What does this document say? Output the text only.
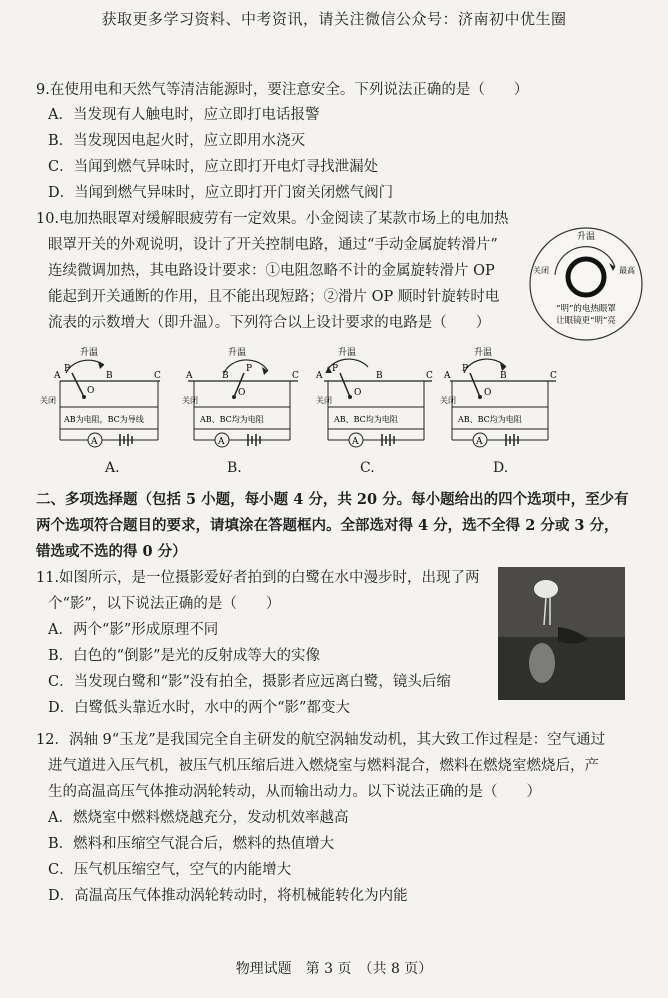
获取更多学习资料、中考资讯，请关注微信公众号：济南初中优生圈
9.在使用电和天然气等清洁能源时，要注意安全。下列说法正确的是（　　）
A．当发现有人触电时，应立即打电话报警
B．当发现因电起火时，应立即用水浇灭
C．当闻到燃气异味时，应立即打开电灯寻找泄漏处
D．当闻到燃气异味时，应立即打开门窗关闭燃气阀门
10.电加热眼罩对缓解眼疲劳有一定效果。小金阅读了某款市场上的电加热
眼罩开关的外观说明，设计了开关控制电路，通过“手动金属旋转滑片”
连续微调加热，其电路设计要求：①电阻忽略不计的金属旋转滑片 OP
能起到开关通断的作用，且不能出现短路；②滑片 OP 顺时针旋转时电
流表的示数增大（即升温）。下列符合以上设计要求的电路是（　　）
升温
关闭	最高
“明”的电热眼罩
让眼镜更“明”亮
升温
A	B	C
O
P
关闭
AB为电阻，BC为导线
A
A.
升温
A	B	C
O
P
关闭
AB、BC均为电阻
A
B.
升温
A	B	C
O
P
关闭
AB、BC均为电阻
A
C.
升温
A	B	C
O
P
关闭
AB、BC均为电阻
A
D.
二、多项选择题（包括 5 小题，每小题 4 分，共 20 分。每小题给出的四个选项中，至少有
两个选项符合题目的要求，请填涂在答题框内。全部选对得 4 分，选不全得 2 分或 3 分，
错选或不选的得 0 分）
11.如图所示，是一位摄影爱好者拍到的白鹭在水中漫步时，出现了两
个“影”，以下说法正确的是（　　）
A．两个“影”形成原理不同
B．白色的“倒影”是光的反射成等大的实像
C．当发现白鹭和“影”没有拍全，摄影者应远离白鹭，镜头后缩
D．白鹭低头靠近水时，水中的两个“影”都变大
12．涡轴 9“玉龙”是我国完全自主研发的航空涡轴发动机，其大致工作过程是：空气通过
进气道进入压气机，被压气机压缩后进入燃烧室与燃料混合，燃料在燃烧室燃烧后，产
生的高温高压气体推动涡轮转动，从而输出动力。以下说法正确的是（　　）
A．燃烧室中燃料燃烧越充分，发动机效率越高
B．燃料和压缩空气混合后，燃料的热值增大
C．压气机压缩空气，空气的内能增大
D．高温高压气体推动涡轮转动时，将机械能转化为内能
物理试题　第 3 页　（共 8 页）
